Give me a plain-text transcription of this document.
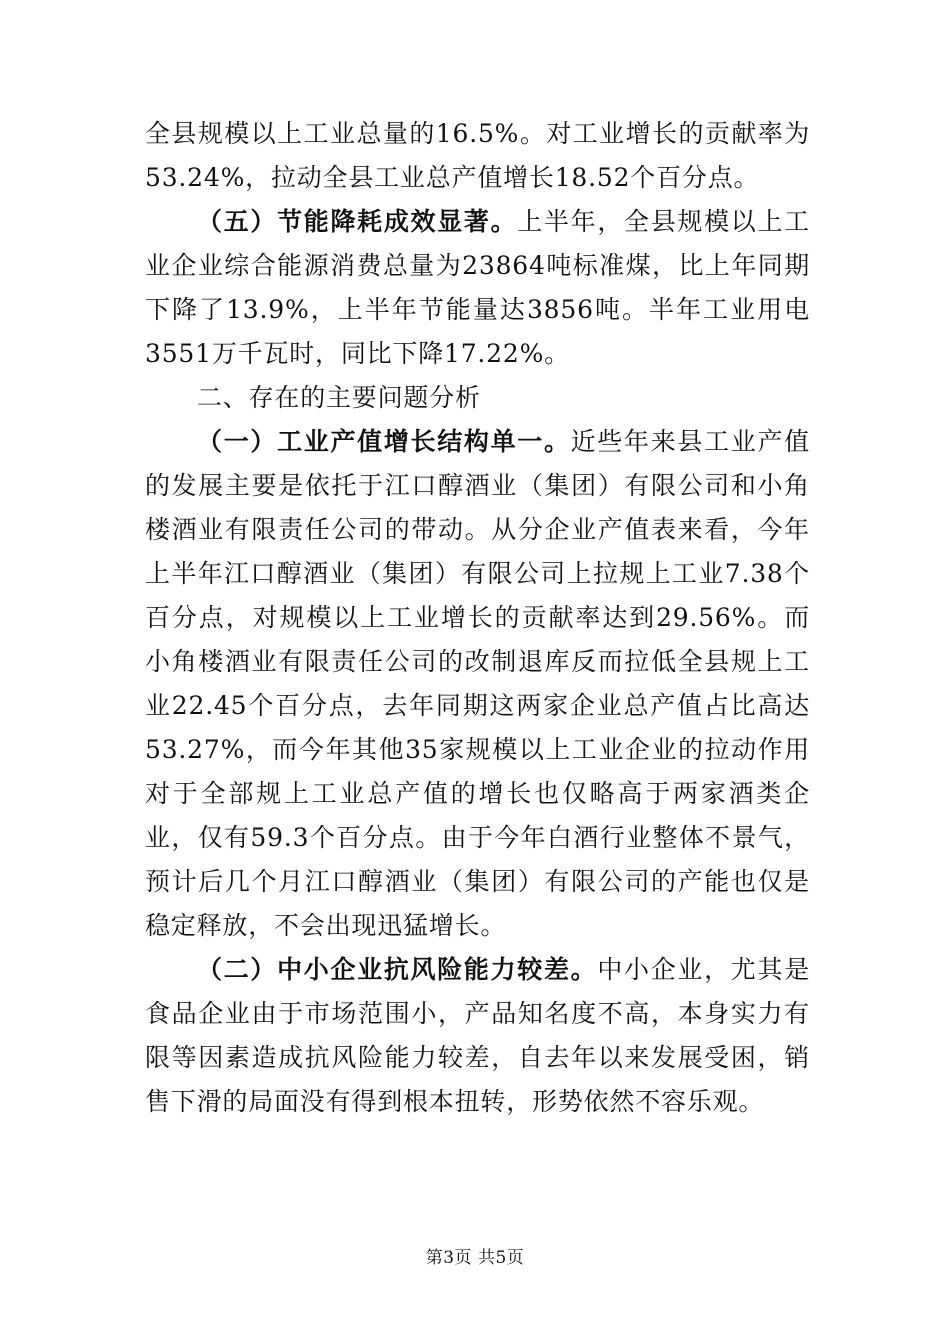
全县规模以上工业总量的16.5%。对工业增长的贡献率为53.24%，拉动全县工业总产值增长18.52个百分点。

（五）节能降耗成效显著。上半年，全县规模以上工业企业综合能源消费总量为23864吨标准煤，比上年同期下降了13.9%，上半年节能量达3856吨。半年工业用电3551万千瓦时，同比下降17.22%。

二、存在的主要问题分析

（一）工业产值增长结构单一。近些年来县工业产值的发展主要是依托于江口醇酒业（集团）有限公司和小角楼酒业有限责任公司的带动。从分企业产值表来看，今年上半年江口醇酒业（集团）有限公司上拉规上工业7.38个百分点，对规模以上工业增长的贡献率达到29.56%。而小角楼酒业有限责任公司的改制退库反而拉低全县规上工业22.45个百分点，去年同期这两家企业总产值占比高达53.27%，而今年其他35家规模以上工业企业的拉动作用对于全部规上工业总产值的增长也仅略高于两家酒类企业，仅有59.3个百分点。由于今年白酒行业整体不景气，预计后几个月江口醇酒业（集团）有限公司的产能也仅是稳定释放，不会出现迅猛增长。

（二）中小企业抗风险能力较差。中小企业，尤其是食品企业由于市场范围小，产品知名度不高，本身实力有限等因素造成抗风险能力较差，自去年以来发展受困，销售下滑的局面没有得到根本扭转，形势依然不容乐观。

第3页 共5页
